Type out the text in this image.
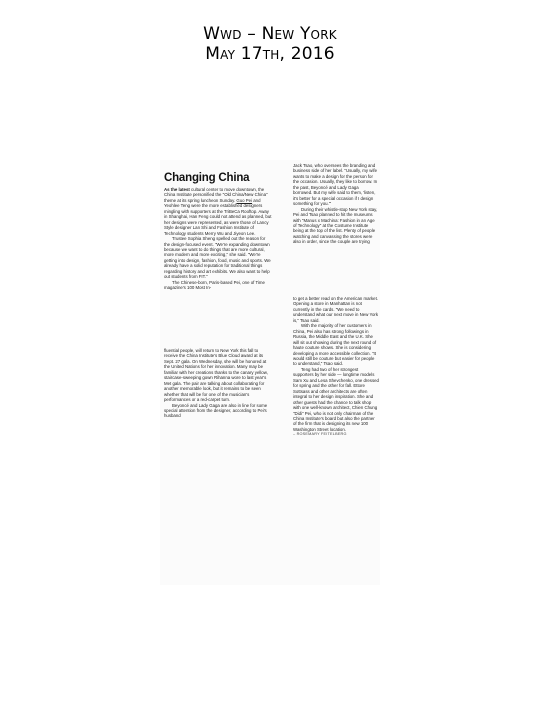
Wwd – New York
May 17th, 2016
Changing China

As the latest cultural center to move downtown, the China Institute personified the "Old China/New China" theme at its spring luncheon Sunday. Guo Pei and Yeohlee Teng were the more established designers mingling with supporters at the TriBeCa Rooftop. Away in Shanghai, Han Feng could not attend as planned, but her designs were represented, as were those of Lancy Style designer Lan Shi and Fashion Institute of Technology students Merry Wu and Jiyeon Lee.

Trustee Sophia Sheng spelled out the reason for the design-focused event. "We're expanding downtown because we want to do things that are more cultural, more modern and more exciting," she said. "We're getting into design, fashion, food, music and sports. We already have a solid reputation for traditional things regarding history and art exhibits. We also want to help out students from FIT."

The Chinese-born, Paris-based Pei, one of Time magazine's 100 Most In-

fluential people, will return to New York this fall to receive the China Institute's Blue Cloud award at its Sept. 27 gala. On Wednesday, she will be honored at the United Nations for her innovation. Many may be familiar with her creations thanks to the canary yellow, staircase-sweeping gown Rihanna wore to last year's Met gala. The pair are talking about collaborating for another memorable look, but it remains to be seen whether that will be for one of the musician's performances or a red-carpet turn.

Beyoncé and Lady Gaga are also in line for some special attention from the designer, according to Pei's husband

Jack Tsao, who oversees the branding and business side of her label. "Usually, my wife wants to make a design for the person for the occasion. Usually, they like to borrow. In the past, Beyoncé and Lady Gaga borrowed. But my wife said to them, 'listen, it's better for a special occasion if I design something for you.'"

During their whistle-stop New York stay, Pei and Tsao planned to hit the museums with "Manus x Machina: Fashion in an Age of Technology" at the Costume Institute being at the top of the list. Plenty of people watching and canvassing the stores were also in order, since the couple are trying

to get a better read on the American market. Opening a store in Manhattan is not currently in the cards. "We need to understand what our next move in New York is," Tsao said.

With the majority of her customers in China, Pei also has strong followings in Russia, the Middle East and the U.K. She will sit out showing during the next round of haute couture shows. She is considering developing a more accessible collection. "It would still be couture but easier for people to understand," Tsao said.

Teng had two of her strongest supporters by her side — longtime models Sam Xu and Lesa Shevchenko, one dressed for spring and the other for fall. Ettore Sottsass and other architects are often integral to her design inspiration. She and other guests had the chance to talk shop with one well-known architect, Chien Chung "Didi" Pei, who is not only chairman of the China Institute's board but also the partner of the firm that is designing its new 100 Washington Street location.

– ROSEMARY FEITELBERG
